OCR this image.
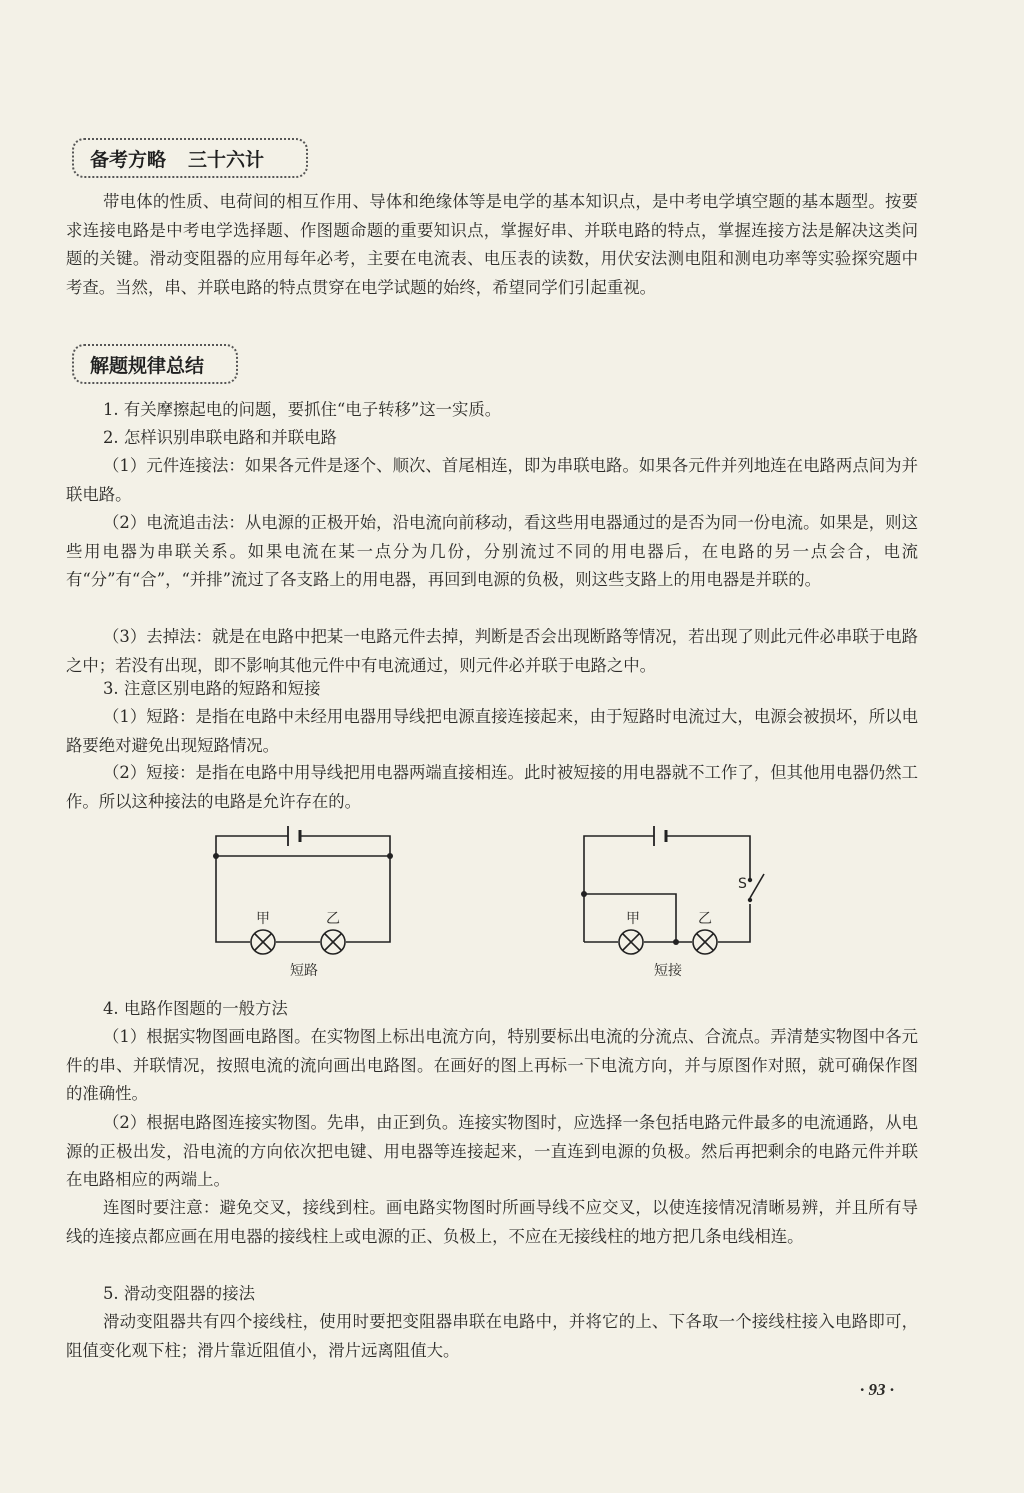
备考方略 三十六计

带电体的性质、电荷间的相互作用、导体和绝缘体等是电学的基本知识点，是中考电学填空题的基本题型。按要求连接电路是中考电学选择题、作图题命题的重要知识点，掌握好串、并联电路的特点，掌握连接方法是解决这类问题的关键。滑动变阻器的应用每年必考，主要在电流表、电压表的读数，用伏安法测电阻和测电功率等实验探究题中考查。当然，串、并联电路的特点贯穿在电学试题的始终，希望同学们引起重视。

解题规律总结

1. 有关摩擦起电的问题，要抓住“电子转移”这一实质。

2. 怎样识别串联电路和并联电路

（1）元件连接法：如果各元件是逐个、顺次、首尾相连，即为串联电路。如果各元件并列地连在电路两点间为并联电路。

（2）电流追击法：从电源的正极开始，沿电流向前移动，看这些用电器通过的是否为同一份电流。如果是，则这些用电器为串联关系。如果电流在某一点分为几份，分别流过不同的用电器后，在电路的另一点会合，电流有“分”有“合”，“并排”流过了各支路上的用电器，再回到电源的负极，则这些支路上的用电器是并联的。

（3）去掉法：就是在电路中把某一电路元件去掉，判断是否会出现断路等情况，若出现了则此元件必串联于电路之中；若没有出现，即不影响其他元件中有电流通过，则元件必并联于电路之中。

3. 注意区别电路的短路和短接

（1）短路：是指在电路中未经用电器用导线把电源直接连接起来，由于短路时电流过大，电源会被损坏，所以电路要绝对避免出现短路情况。

（2）短接：是指在电路中用导线把用电器两端直接相连。此时被短接的用电器就不工作了，但其他用电器仍然工作。所以这种接法的电路是允许存在的。

甲	乙
短路
甲	乙
S
短接

4. 电路作图题的一般方法

（1）根据实物图画电路图。在实物图上标出电流方向，特别要标出电流的分流点、合流点。弄清楚实物图中各元件的串、并联情况，按照电流的流向画出电路图。在画好的图上再标一下电流方向，并与原图作对照，就可确保作图的准确性。

（2）根据电路图连接实物图。先串，由正到负。连接实物图时，应选择一条包括电路元件最多的电流通路，从电源的正极出发，沿电流的方向依次把电键、用电器等连接起来，一直连到电源的负极。然后再把剩余的电路元件并联在电路相应的两端上。

连图时要注意：避免交叉，接线到柱。画电路实物图时所画导线不应交叉，以使连接情况清晰易辨，并且所有导线的连接点都应画在用电器的接线柱上或电源的正、负极上，不应在无接线柱的地方把几条电线相连。

5. 滑动变阻器的接法

滑动变阻器共有四个接线柱，使用时要把变阻器串联在电路中，并将它的上、下各取一个接线柱接入电路即可，阻值变化观下柱；滑片靠近阻值小，滑片远离阻值大。

· 93 ·
